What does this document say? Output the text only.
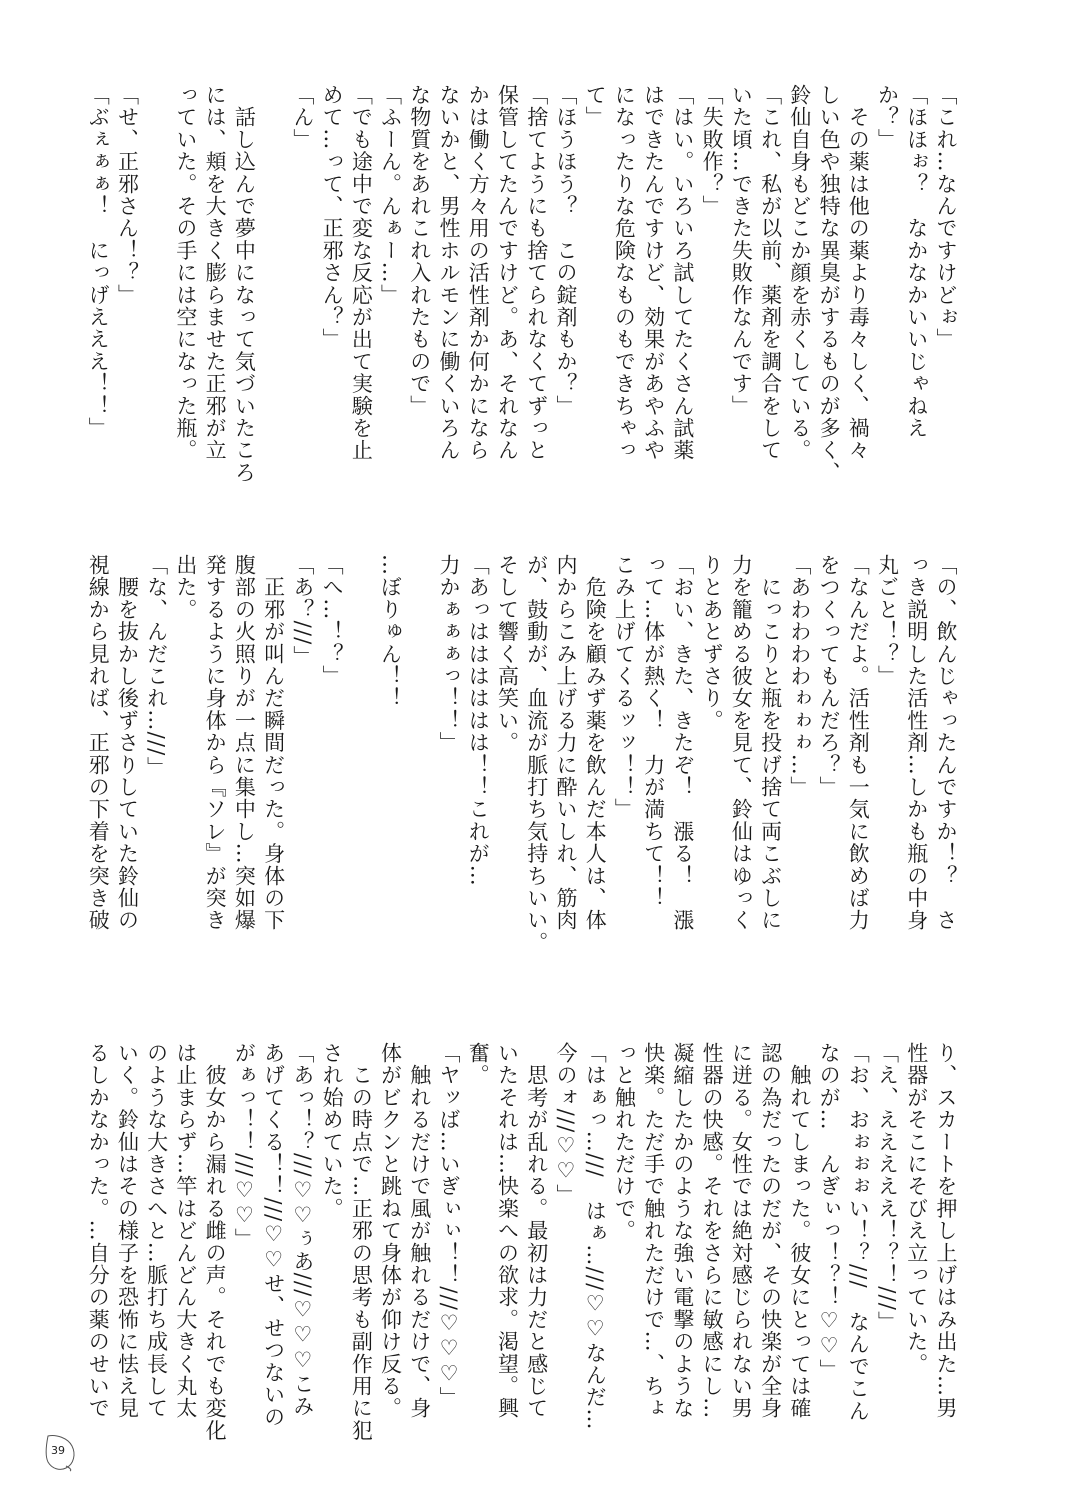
「これ…なんですけどぉ」
「ほほぉ？　なかなかいいじゃねえ
か？」
　その薬は他の薬より毒々しく、禍々
しい色や独特な異臭がするものが多く、
鈴仙自身もどこか顔を赤くしている。
「これ、私が以前、薬剤を調合をして
いた頃…できた失敗作なんです」
「失敗作？」
「はい。いろいろ試してたくさん試薬
はできたんですけど、効果があやふや
になったりな危険なものもできちゃっ
て」
「ほうほう？　この錠剤もか？」
「捨てようにも捨てられなくてずっと
保管してたんですけど。あ、それなん
かは働く方々用の活性剤か何かになら
ないかと、男性ホルモンに働くいろん
な物質をあれこれ入れたもので」
「ふーん。んぁー…」
「でも途中で変な反応が出て実験を止
めて…って、正邪さん？」
「ん」
　話し込んで夢中になって気づいたころ
には、頬を大きく膨らませた正邪が立
っていた。その手には空になった瓶。
「せ、正邪さん！？」
「ぶぇぁぁ！　にっげえええ！！」
「の、飲んじゃったんですか！？　さ
っき説明した活性剤…しかも瓶の中身
丸ごと！？」
「なんだよ。活性剤も一気に飲めば力
をつくってもんだろ？」
「あわわわわゎゎゎ…」
　にっこりと瓶を投げ捨て両こぶしに
力を籠める彼女を見て、鈴仙はゆっく
りとあとずさり。
「おい、きた、きたぞ！　漲る！　漲
って…体が熱く！　力が満ちて！！
こみ上げてくるッッ！！」
　危険を顧みず薬を飲んだ本人は、体
内からこみ上げる力に酔いしれ、筋肉
が、鼓動が、血流が脈打ち気持ちいい。
そして響く高笑い。
「あっはははははは！！これが…
力かぁぁぁっ！！」
…ぼりゅん！！
「へ…！？」
「あ？///」
　正邪が叫んだ瞬間だった。身体の下
腹部の火照りが一点に集中し…突如爆
発するように身体から『ソレ』が突き
出た。
「な、んだこれ…///」
　腰を抜かし後ずさりしていた鈴仙の
視線から見れば、正邪の下着を突き破
り、スカートを押し上げはみ出た…男
性器がそこにそびえ立っていた。
「え、えええええ！？！///」
「お、おぉぉぉい！？///　なんでこん
なのが…　んぎぃっ！？！♡♡」
　触れてしまった。彼女にとっては確
認の為だったのだが、その快楽が全身
に迸る。女性では絶対感じられない男
性器の快感。それをさらに敏感にし…
凝縮したかのような強い電撃のような
快楽。ただ手で触れただけで…、ちょ
っと触れただけで。
「はぁっ…///　はぁ…///♡♡なんだ…
今のォ///♡♡」
　思考が乱れる。最初は力だと感じて
いたそれは…快楽への欲求。渇望。興
奮。
「ヤッば…いぎぃぃ！！///♡♡♡」
　触れるだけで風が触れるだけで、身
体がビクンと跳ねて身体が仰け反る。
　この時点で…正邪の思考も副作用に犯
され始めていた。
「あっ！？///♡♡ぅあ///♡♡♡こみ
あげてくる！！///♡♡せ、せつないの
がぁっ！！///♡♡」
　彼女から漏れる雌の声。それでも変化
は止まらず…竿はどんどん大きく丸太
のような大きさへと…脈打ち成長して
いく。鈴仙はその様子を恐怖に怯え見
るしかなかった。…自分の薬のせいで
39
